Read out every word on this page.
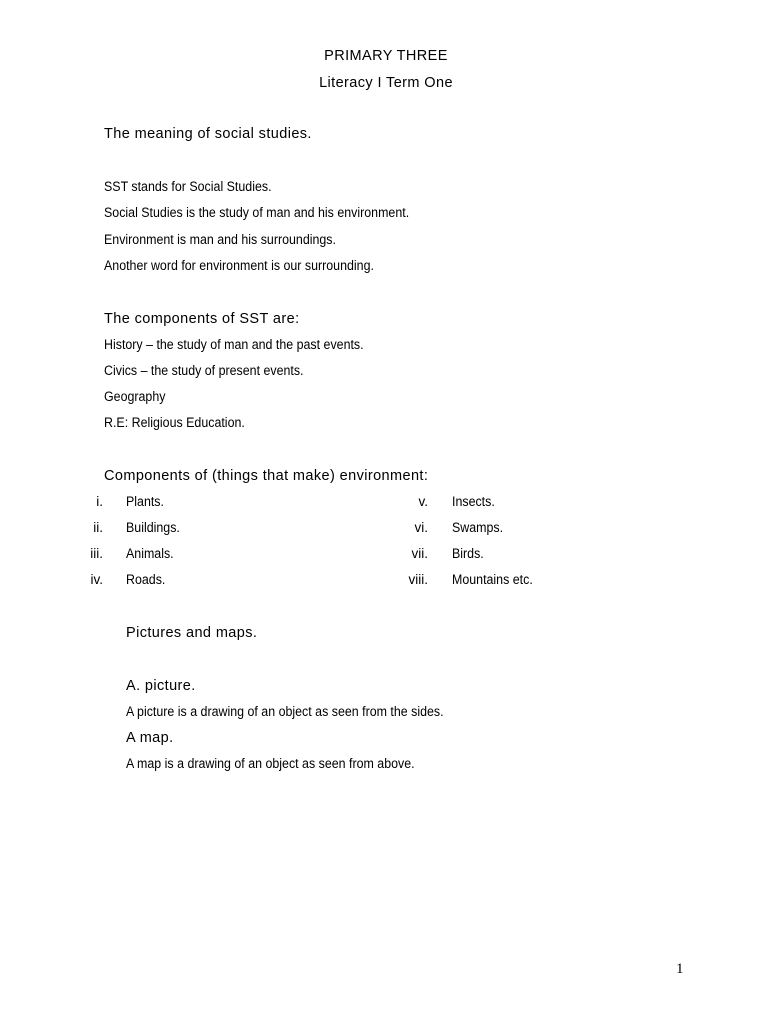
PRIMARY THREE
Literacy I Term One
The meaning of social studies.
SST stands for Social Studies.
Social Studies is the study of man and his environment.
Environment is man and his surroundings.
Another word for environment is our surrounding.
The components of SST are:
History – the study of man and the past events.
Civics – the study of present events.
Geography
R.E: Religious Education.
Components of (things that make) environment:
i. Plants.
ii. Buildings.
iii. Animals.
iv. Roads.
v. Insects.
vi. Swamps.
vii. Birds.
viii. Mountains etc.
Pictures and maps.
A. picture.
A picture is a drawing of an object as seen from the sides.
A map.
A map is a drawing of an object as seen from above.
1
